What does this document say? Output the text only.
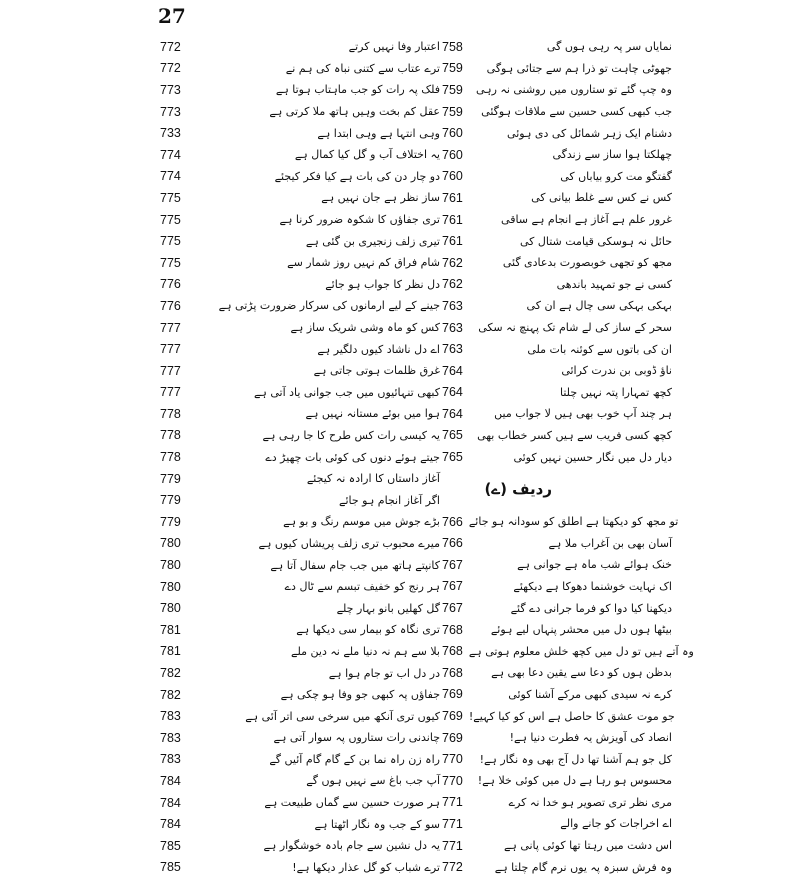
27
772	اعتبار وفا نہیں کرتے
772	ترے عتاب سے کتنی نباہ کی ہم نے
773	فلک پہ رات کو جب ماہتاب ہوتا ہے
773	عقل کم بخت وہیں ہاتھ ملا کرتی ہے
733	وہی انتہا ہے وہی ابتدا ہے
774	یہ اختلاف آب و گل کیا کمال ہے
774	دو چار دن کی بات ہے کیا فکر کیجئے
775	ساز نظر ہے جان نہیں ہے
775	تری جفاؤں کا شکوہ ضرور کرنا ہے
775	تیری زلف زنجیری بن گئی ہے
775	شام فراق کم نہیں روز شمار سے
776	دل نظر کا جواب ہو جائے
776	جینے کے لیے ارمانوں کی سرکار ضرورت پڑتی ہے
777	کس کو ماہ وشی شریک ساز ہے
777	اے دل ناشاد کیوں دلگیر ہے
777	غرق ظلمات ہوتی جاتی ہے
777	کبھی تنہائیوں میں جب جوانی یاد آتی ہے
778	ہوا میں بوئے مستانہ نہیں ہے
778	یہ کیسی رات کس طرح کا جا رہی ہے
778	جیتے ہوئے دنوں کی کوئی بات چھیڑ دے
779	آغاز داستاں کا ارادہ نہ کیجئے
779	اگر آغاز انجام ہو جائے
779	بڑے جوش میں موسم رنگ و بو ہے
780	میرے محبوب تری زلف پریشاں کیوں ہے
780	کانپتے ہاتھ میں جب جام سفال آتا ہے
780	ہر رنج کو خفیف تبسم سے ٹال دے
780	گل کھلیں بانو بہار چلے
781	تری نگاہ کو بیمار سی دیکھا ہے
781	بلا سے ہم نہ دنیا ملے نہ دین ملے
782	در دل اب تو جام ہوا ہے
782	جفاؤں پہ کبھی جو وفا ہو چکی ہے
783	کیوں تری آنکھ میں سرخی سی اتر آئی ہے
783	چاندنی رات ستاروں پہ سوار آتی ہے
783	راہ زن راہ نما بن کے گام گام آئیں گے
784	آپ جب باغ سے نہیں ہوں گے
784	ہر صورت حسین سے گماں طبیعت ہے
784	سو کے جب وہ نگار اٹھتا ہے
785	یہ دل نشین سے جام بادہ خوشگوار ہے
785	ترے شباب کو گل عذار دیکھا ہے!
758	نمایاں سر پہ رہی ہوں گی
759	جھوٹی چاہت تو ذرا ہم سے جتائی ہوگی
759	وہ چپ گئے تو ستاروں میں روشنی نہ رہی
759	جب کبھی کسی حسین سے ملاقات ہوگئی
760	دشنام ایک زہر شمائل کی دی ہوئی
760	چھلکتا ہوا ساز سے زندگی
760	گفتگو مت کرو بیاباں کی
761	کس نے کس سے غلط بیانی کی
761	غرور علم ہے آغاز ہے انجام ہے ساقی
761	حائل نہ ہوسکی قیامت شتال کی
762	مجھ کو تجھی خوبصورت بدعادی گئی
762	کسی نے جو تمہید باندھی
763	بہکی بہکی سی چال ہے ان کی
763	سحر کے ساز کی لے شام تک پہنچ نہ سکی
763	ان کی باتوں سے کوئنہ بات ملی
764	ناؤ ڈوبی بن ندرت کرائی
764	کچھ تمہارا پتہ نہیں چلتا
764	ہر چند آپ خوب بھی ہیں لا جواب میں
765	کچھ کسی فریب سے ہیں کسر خطاب بھی
765	دیار دل میں نگار حسین نہیں کوئی
ردیف (ے)
766 تو مجھ کو دیکھتا ہے اطلق کو سودانہ ہو جائے
766	آسان بھی بن آغراب ملا ہے
767	خنک ہوائے شب ماہ ہے جوانی ہے
767	اک نہایت خوشنما دھوکا ہے دیکھئے
767	دیکھنا کیا دوا کو فرما جرانی دے گئے
768	بیٹھا ہوں دل میں محشر پنہاں لیے ہوئے
768 وہ آتے ہیں تو دل میں کچھ خلش معلوم ہوتی ہے
768	بدظن ہوں کو دعا سے یقین دعا بھی ہے
769	کرے نہ سیدی کبھی مرکے آشنا کوئی
769 جو موت عشق کا حاصل ہے اس کو کیا کہیے!
769	انصاد کی آویزش یہ فطرت دنیا ہے!
770	کل جو ہم آشنا تھا دل آج بھی وہ نگار ہے!
770	محسوس ہو رہا ہے دل میں کوئی خلا ہے!
771	مری نظر تری تصویر ہو خدا نہ کرے
771	اے اخراجات کو جانے والے
771	اس دشت میں رہتا تھا کوئی پانی ہے
772	وہ فرش سبزہ پہ یوں نرم گام چلتا ہے
